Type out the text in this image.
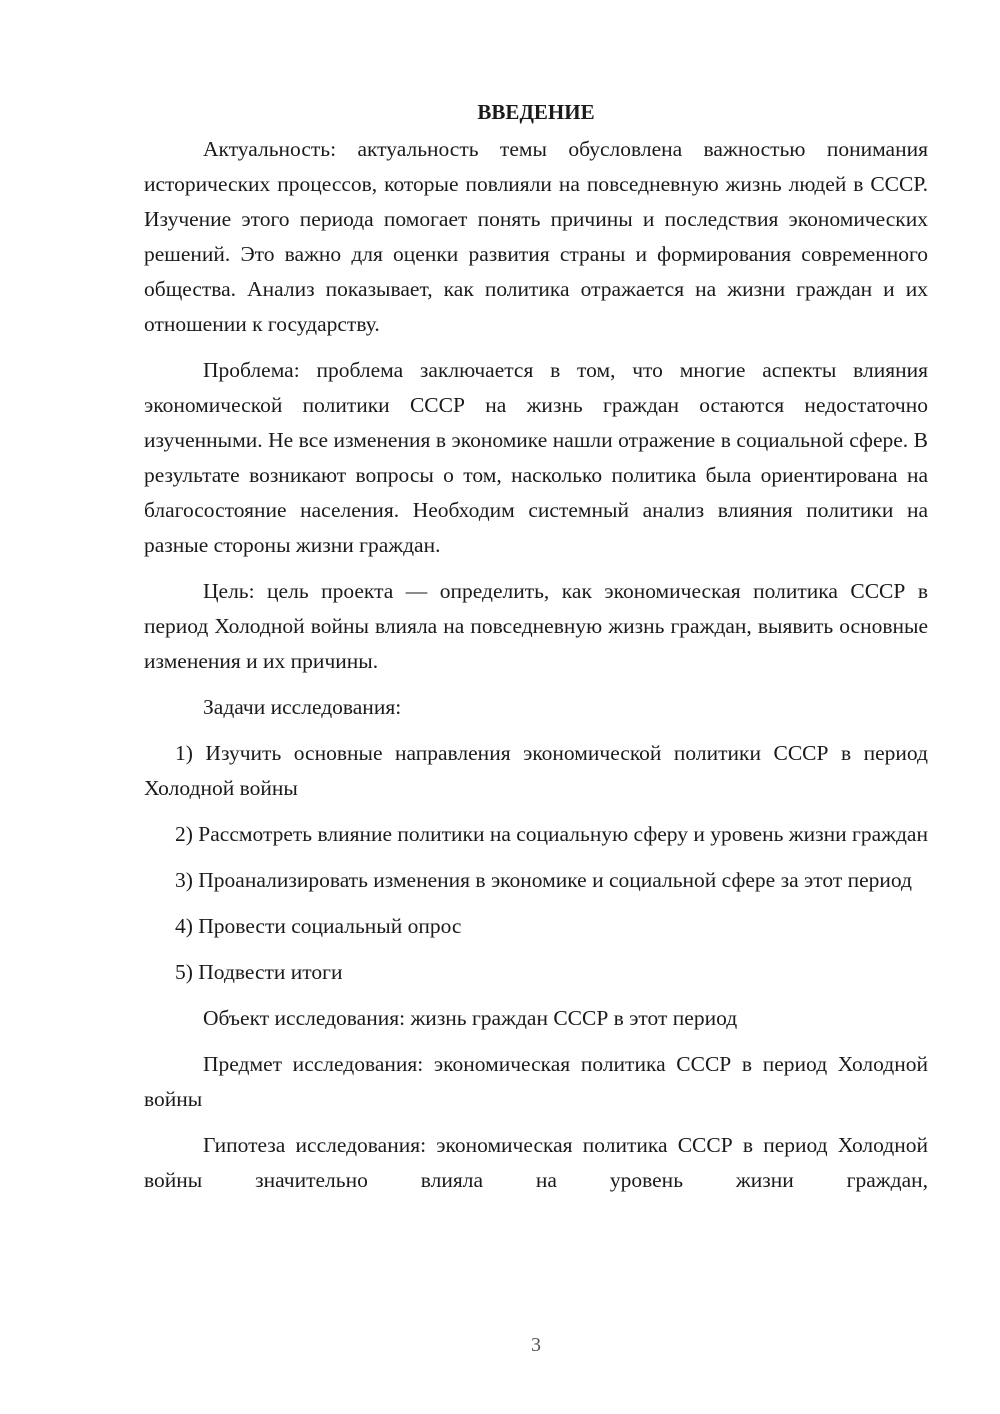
ВВЕДЕНИЕ

Актуальность: актуальность темы обусловлена важностью понимания исторических процессов, которые повлияли на повседневную жизнь людей в СССР. Изучение этого периода помогает понять причины и последствия экономических решений. Это важно для оценки развития страны и формирования современного общества. Анализ показывает, как политика отражается на жизни граждан и их отношении к государству.

Проблема: проблема заключается в том, что многие аспекты влияния экономической политики СССР на жизнь граждан остаются недостаточно изученными. Не все изменения в экономике нашли отражение в социальной сфере. В результате возникают вопросы о том, насколько политика была ориентирована на благосостояние населения. Необходим системный анализ влияния политики на разные стороны жизни граждан.

Цель: цель проекта — определить, как экономическая политика СССР в период Холодной войны влияла на повседневную жизнь граждан, выявить основные изменения и их причины.

Задачи исследования:

1) Изучить основные направления экономической политики СССР в период Холодной войны

2) Рассмотреть влияние политики на социальную сферу и уровень жизни граждан

3) Проанализировать изменения в экономике и социальной сфере за этот период

4) Провести социальный опрос

5) Подвести итоги

Объект исследования: жизнь граждан СССР в этот период

Предмет исследования: экономическая политика СССР в период Холодной войны

Гипотеза исследования: экономическая политика СССР в период Холодной войны значительно влияла на уровень жизни граждан,

3
